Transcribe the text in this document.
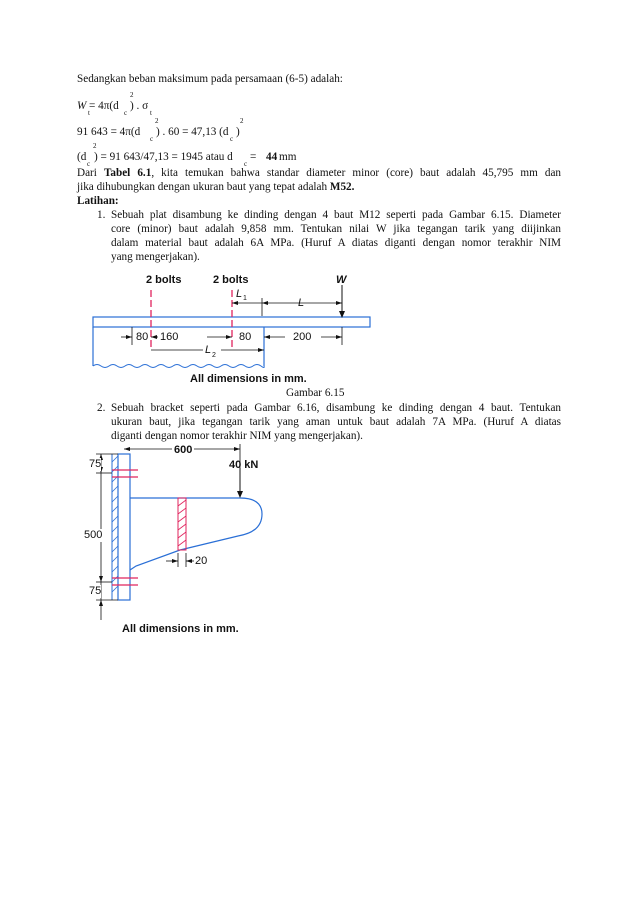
Sedangkan beban maksimum pada persamaan (6-5) adalah:
W
t
= 4π(d
c
2
) . σ
t
91 643 = 4π(d
c
2
) . 60 = 47,13 (d
c
)
2
(d
c
2
) = 91 643/47,13 = 1945 atau d
c
= 44 mm
Dari Tabel 6.1, kita temukan bahwa standar diameter minor (core) baut adalah 45,795 mm dan
jika dihubungkan dengan ukuran baut yang tepat adalah M52.
Latihan:
1. Sebuah plat disambung ke dinding dengan 4 baut M12 seperti pada Gambar 6.15. Diameter
core (minor) baut adalah 9,858 mm. Tentukan nilai W jika tegangan tarik yang diijinkan
dalam material baut adalah 6A MPa. (Huruf A diatas diganti dengan nomor terakhir NIM
yang mengerjakan).
2 bolts	2 bolts	W
L 1	L
80 160	80	200
L 2
All dimensions in mm.
Gambar 6.15
2. Sebuah bracket seperti pada Gambar 6.16, disambung ke dinding dengan 4 baut. Tentukan
ukuran baut, jika tegangan tarik yang aman untuk baut adalah 7A MPa. (Huruf A diatas
diganti dengan nomor terakhir NIM yang mengerjakan).
600
40 kN
75
500
75
20
All dimensions in mm.
